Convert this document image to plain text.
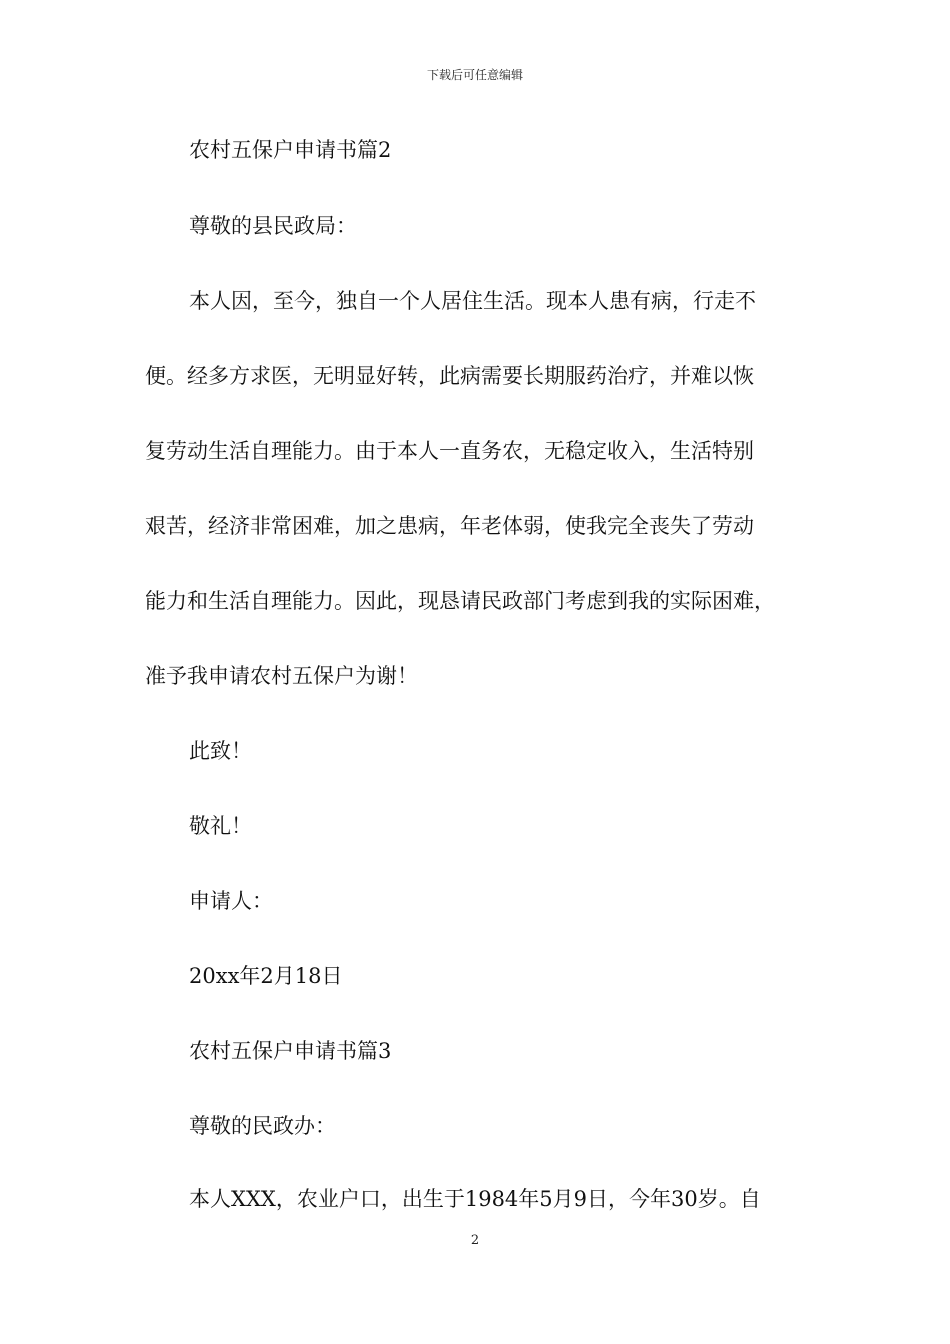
下载后可任意编辑
农村五保户申请书篇2
尊敬的县民政局：
本人因，至今，独自一个人居住生活。现本人患有病，行走不
便。经多方求医，无明显好转，此病需要长期服药治疗，并难以恢
复劳动生活自理能力。由于本人一直务农，无稳定收入，生活特别
艰苦，经济非常困难，加之患病，年老体弱，使我完全丧失了劳动
能力和生活自理能力。因此，现恳请民政部门考虑到我的实际困难，
准予我申请农村五保户为谢！
此致！
敬礼！
申请人：
20xx年2月18日
农村五保户申请书篇3
尊敬的民政办：
本人XXX，农业户口，出生于1984年5月9日，今年30岁。自
2
